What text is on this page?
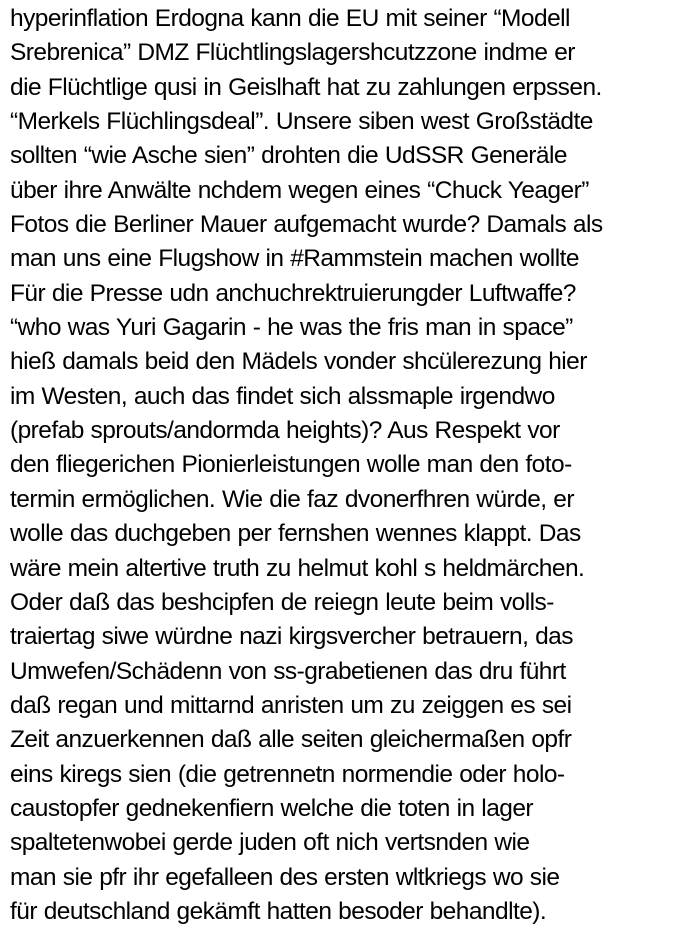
hyperinflation Erdogna kann die EU mit seiner “Modell
Srebrenica” DMZ Flüchtlingslagershcutzzone indme er
die Flüchtlige qusi in Geislhaft hat zu zahlungen erpssen.
“Merkels Flüchlingsdeal”. Unsere siben west Großstädte
sollten “wie Asche sien” drohten die UdSSR Generäle
über ihre Anwälte nchdem wegen eines “Chuck Yeager”
Fotos die Berliner Mauer aufgemacht wurde? Damals als
man uns eine Flugshow in #Rammstein machen wollte
Für die Presse udn anchuchrektruierungder Luftwaffe?
“who was Yuri Gagarin - he was the fris man in space”
hieß damals beid den Mädels vonder shcülerezung hier
im Westen, auch das findet sich alssmaple irgendwo
(prefab sprouts/andormda heights)? Aus Respekt vor
den fliegerichen Pionierleistungen wolle man den foto-
termin ermöglichen. Wie die faz dvonerfhren würde, er
wolle das duchgeben per fernshen wennes klappt. Das
wäre mein altertive truth zu helmut kohl s heldmärchen.
Oder daß das beshcipfen de reiegn leute beim volls-
traiertag siwe würdne nazi kirgsvercher betrauern, das
Umwefen/Schädenn von ss-grabetienen das dru führt
daß regan und mittarnd anristen um zu zeiggen es sei
Zeit anzuerkennen daß alle seiten gleichermaßen opfr
eins kiregs sien (die getrennetn normendie oder holo-
caustopfer gednekenfiern welche die toten in lager
spaltetenwobei gerde juden oft nich vertsnden wie
man sie pfr ihr egefalleen des ersten wltkriegs wo sie
für deutschland gekämft hatten besoder behandlte).
